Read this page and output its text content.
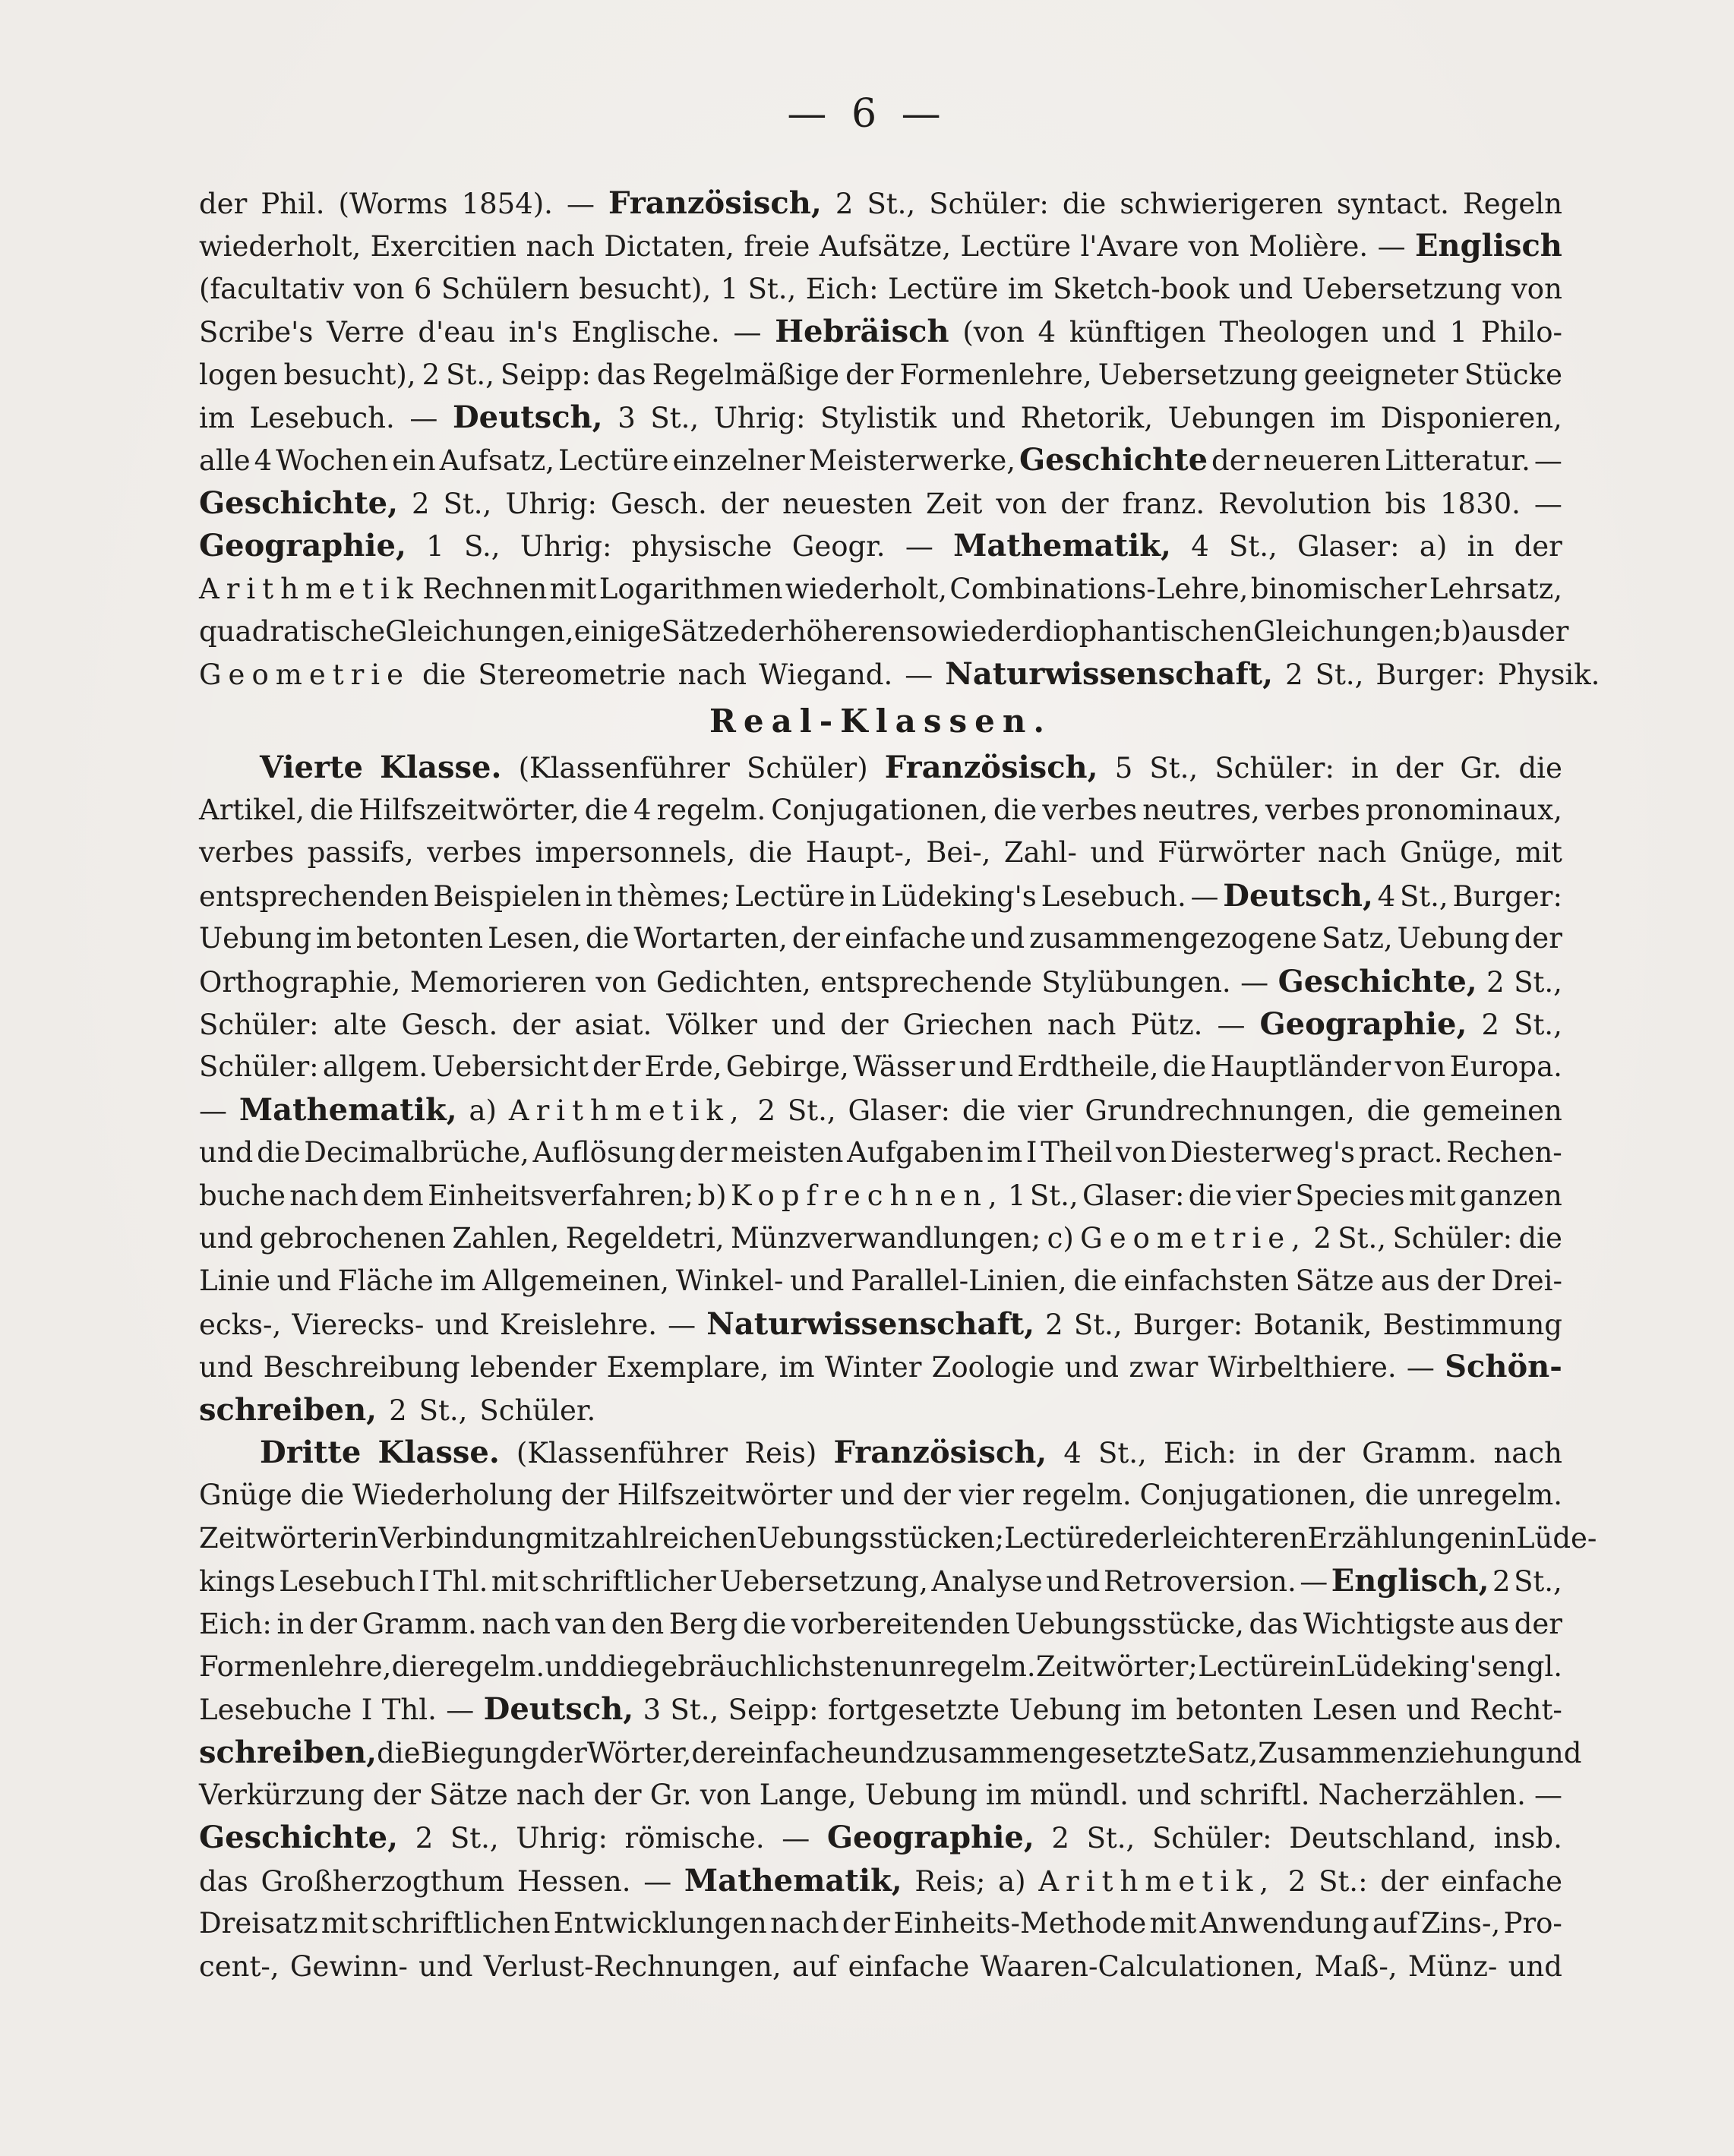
— 6 —
der Phil. (Worms 1854). — Französisch, 2 St., Schüler: die schwierigeren syntact. Regeln
wiederholt, Exercitien nach Dictaten, freie Aufsätze, Lectüre l'Avare von Molière. — Englisch
(facultativ von 6 Schülern besucht), 1 St., Eich: Lectüre im Sketch-book und Uebersetzung von
Scribe's Verre d'eau in's Englische. — Hebräisch (von 4 künftigen Theologen und 1 Philo-
logen besucht), 2 St., Seipp: das Regelmäßige der Formenlehre, Uebersetzung geeigneter Stücke
im Lesebuch. — Deutsch, 3 St., Uhrig: Stylistik und Rhetorik, Uebungen im Disponieren,
alle 4 Wochen ein Aufsatz, Lectüre einzelner Meisterwerke, Geschichte der neueren Litteratur. —
Geschichte, 2 St., Uhrig: Gesch. der neuesten Zeit von der franz. Revolution bis 1830. —
Geographie, 1 S., Uhrig: physische Geogr. — Mathematik, 4 St., Glaser: a) in der
Arithmetik Rechnen mit Logarithmen wiederholt, Combinations-Lehre, binomischer Lehrsatz,
quadratische Gleichungen, einige Sätze der höheren sowie der diophantischen Gleichungen; b) aus der
Geometrie die Stereometrie nach Wiegand. — Naturwissenschaft, 2 St., Burger: Physik.
Real-Klassen.
Vierte Klasse. (Klassenführer Schüler) Französisch, 5 St., Schüler: in der Gr. die
Artikel, die Hilfszeitwörter, die 4 regelm. Conjugationen, die verbes neutres, verbes pronominaux,
verbes passifs, verbes impersonnels, die Haupt-, Bei-, Zahl- und Fürwörter nach Gnüge, mit
entsprechenden Beispielen in thèmes; Lectüre in Lüdeking's Lesebuch. — Deutsch, 4 St., Burger:
Uebung im betonten Lesen, die Wortarten, der einfache und zusammengezogene Satz, Uebung der
Orthographie, Memorieren von Gedichten, entsprechende Stylübungen. — Geschichte, 2 St.,
Schüler: alte Gesch. der asiat. Völker und der Griechen nach Pütz. — Geographie, 2 St.,
Schüler: allgem. Uebersicht der Erde, Gebirge, Wässer und Erdtheile, die Hauptländer von Europa.
— Mathematik, a) Arithmetik, 2 St., Glaser: die vier Grundrechnungen, die gemeinen
und die Decimalbrüche, Auflösung der meisten Aufgaben im I Theil von Diesterweg's pract. Rechen-
buche nach dem Einheitsverfahren; b) Kopfrechnen, 1 St., Glaser: die vier Species mit ganzen
und gebrochenen Zahlen, Regeldetri, Münzverwandlungen; c) Geometrie, 2 St., Schüler: die
Linie und Fläche im Allgemeinen, Winkel- und Parallel-Linien, die einfachsten Sätze aus der Drei-
ecks-, Vierecks- und Kreislehre. — Naturwissenschaft, 2 St., Burger: Botanik, Bestimmung
und Beschreibung lebender Exemplare, im Winter Zoologie und zwar Wirbelthiere. — Schön-
schreiben, 2 St., Schüler.
Dritte Klasse. (Klassenführer Reis) Französisch, 4 St., Eich: in der Gramm. nach
Gnüge die Wiederholung der Hilfszeitwörter und der vier regelm. Conjugationen, die unregelm.
Zeitwörter in Verbindung mit zahlreichen Uebungsstücken; Lectüre der leichteren Erzählungen in Lüde-
kings Lesebuch I Thl. mit schriftlicher Uebersetzung, Analyse und Retroversion. — Englisch, 2 St.,
Eich: in der Gramm. nach van den Berg die vorbereitenden Uebungsstücke, das Wichtigste aus der
Formenlehre, die regelm. und die gebräuchlichsten unregelm. Zeitwörter; Lectüre in Lüdeking's engl.
Lesebuche I Thl. — Deutsch, 3 St., Seipp: fortgesetzte Uebung im betonten Lesen und Recht-
schreiben, die Biegung der Wörter, der einfache und zusammengesetzte Satz, Zusammenziehung und
Verkürzung der Sätze nach der Gr. von Lange, Uebung im mündl. und schriftl. Nacherzählen. —
Geschichte, 2 St., Uhrig: römische. — Geographie, 2 St., Schüler: Deutschland, insb.
das Großherzogthum Hessen. — Mathematik, Reis; a) Arithmetik, 2 St.: der einfache
Dreisatz mit schriftlichen Entwicklungen nach der Einheits-Methode mit Anwendung auf Zins-, Pro-
cent-, Gewinn- und Verlust-Rechnungen, auf einfache Waaren-Calculationen, Maß-, Münz- und
